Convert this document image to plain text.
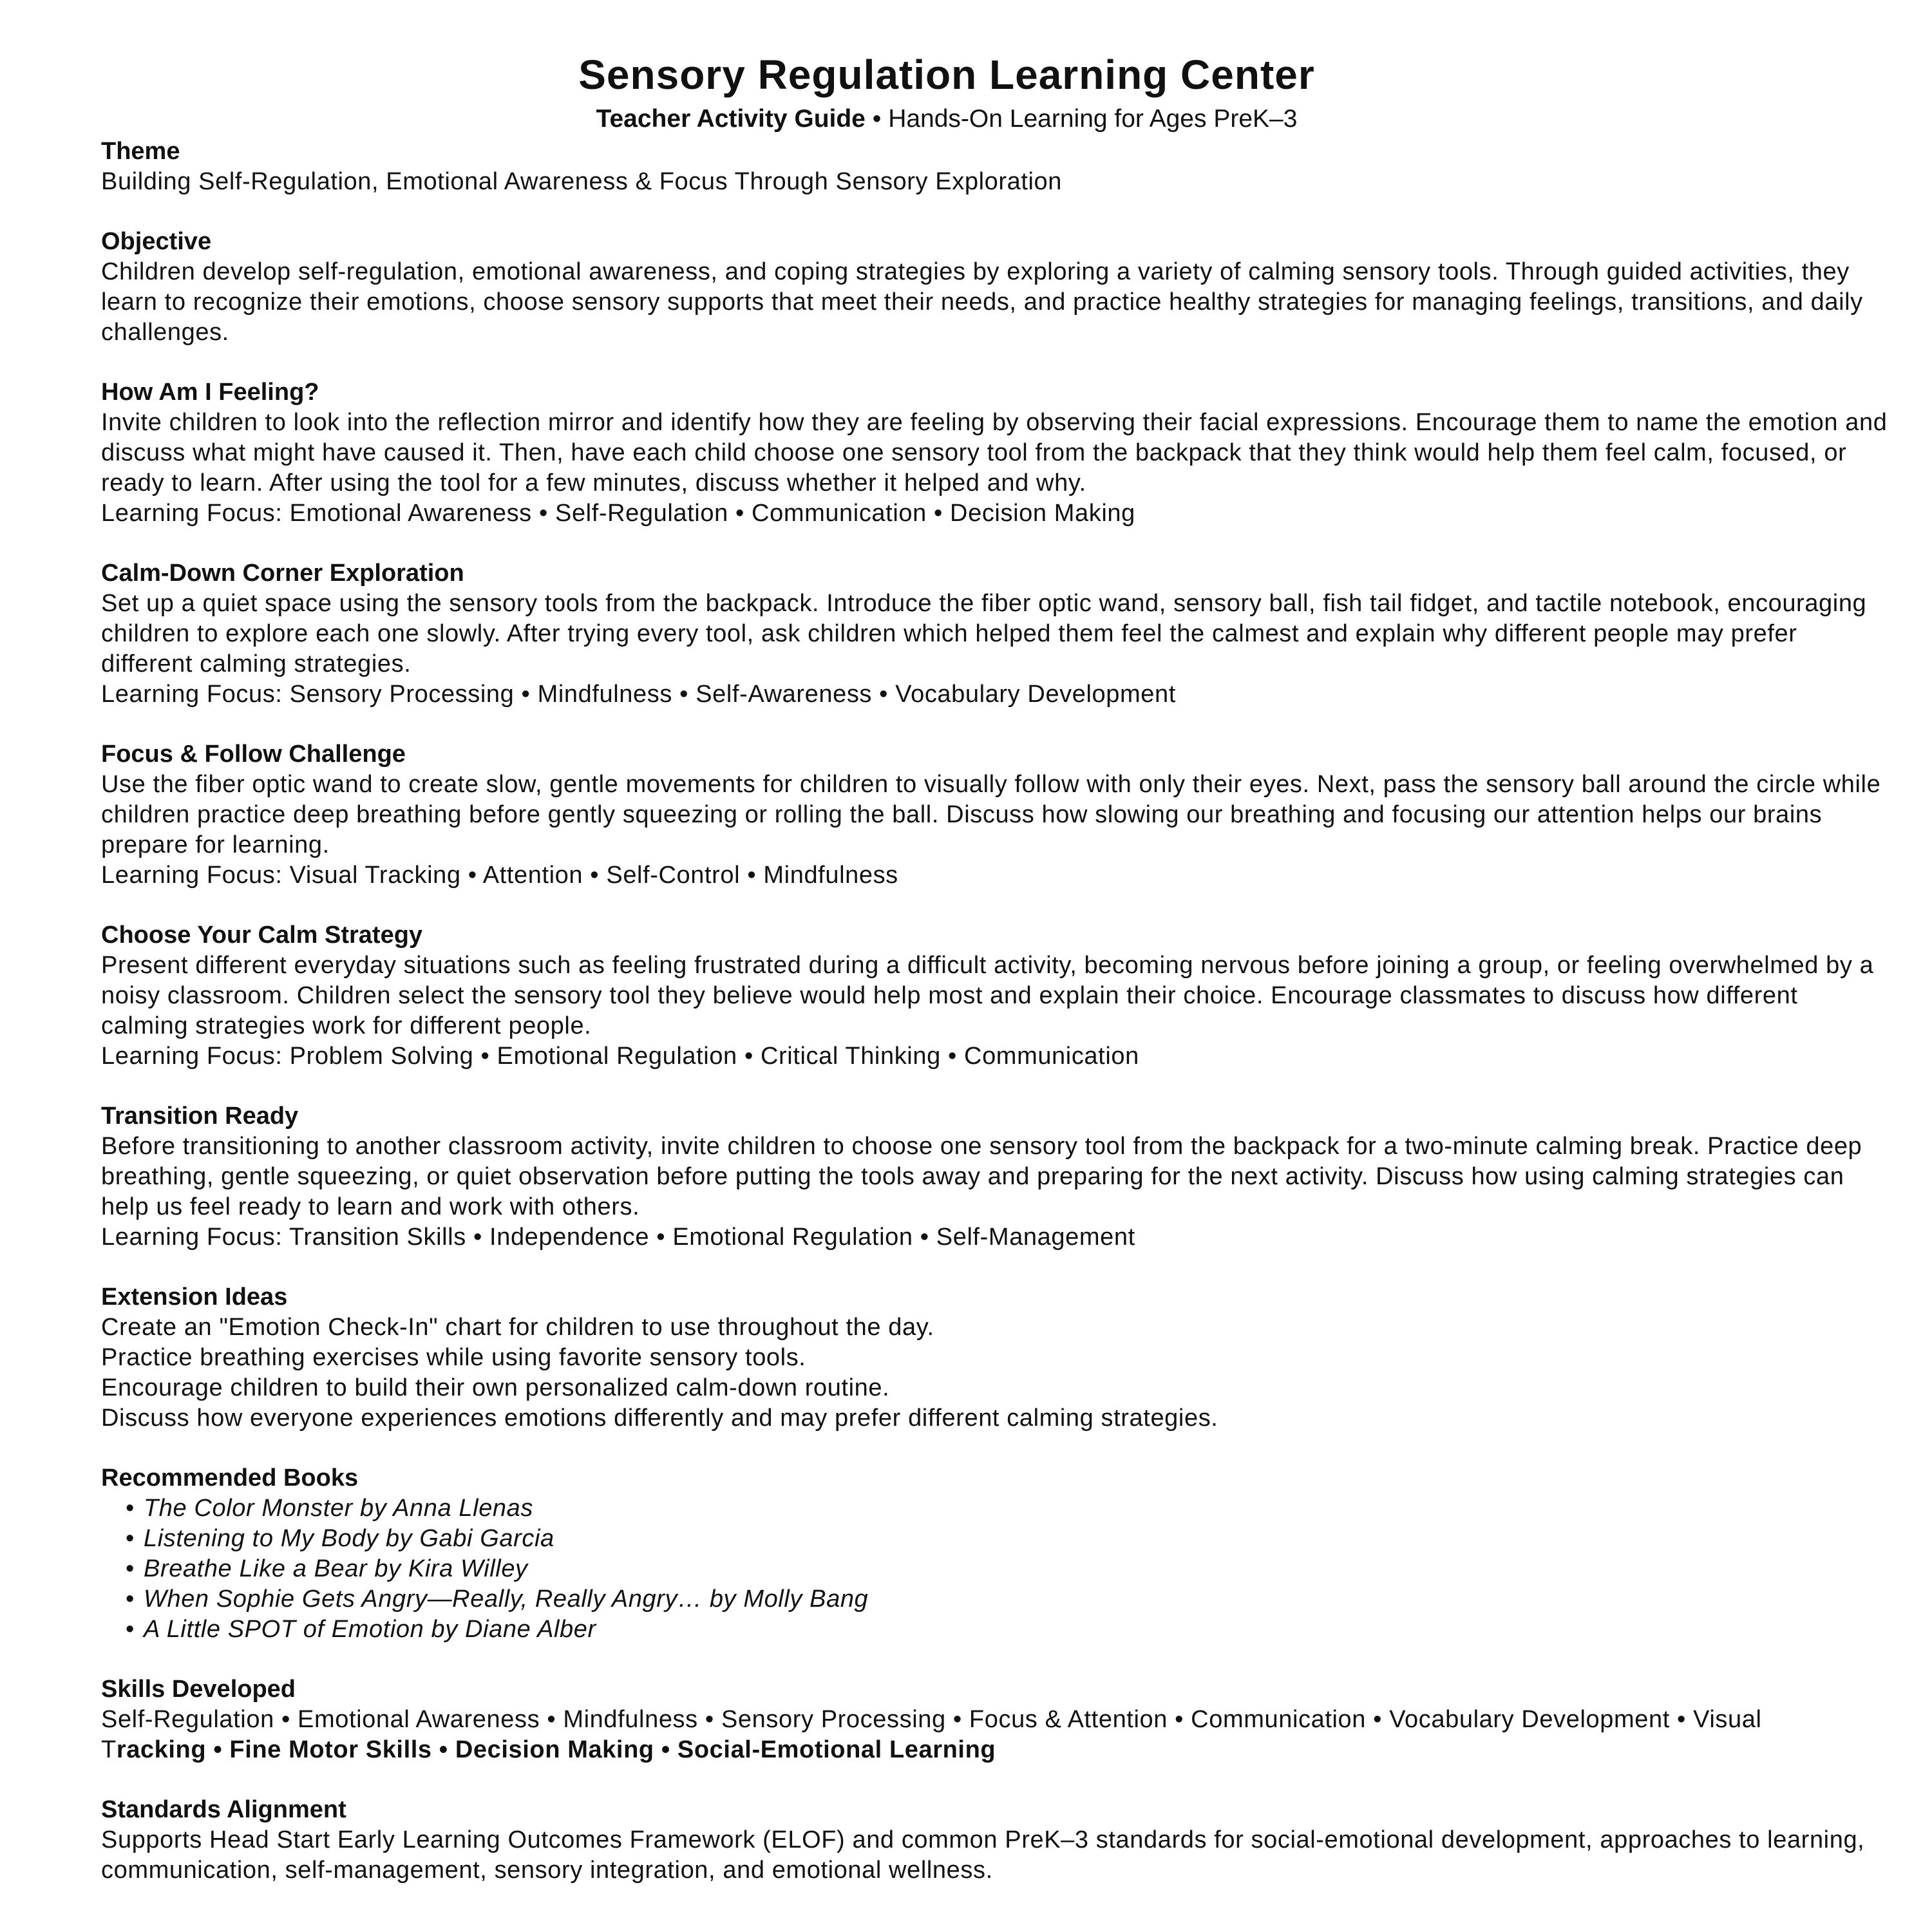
Sensory Regulation Learning Center
Teacher Activity Guide • Hands-On Learning for Ages PreK–3
Theme
Building Self-Regulation, Emotional Awareness & Focus Through Sensory Exploration
Objective
Children develop self-regulation, emotional awareness, and coping strategies by exploring a variety of calming sensory tools. Through guided activities, they learn to recognize their emotions, choose sensory supports that meet their needs, and practice healthy strategies for managing feelings, transitions, and daily challenges.
How Am I Feeling?
Invite children to look into the reflection mirror and identify how they are feeling by observing their facial expressions. Encourage them to name the emotion and discuss what might have caused it. Then, have each child choose one sensory tool from the backpack that they think would help them feel calm, focused, or ready to learn. After using the tool for a few minutes, discuss whether it helped and why.
Learning Focus: Emotional Awareness • Self-Regulation • Communication • Decision Making
Calm-Down Corner Exploration
Set up a quiet space using the sensory tools from the backpack. Introduce the fiber optic wand, sensory ball, fish tail fidget, and tactile notebook, encouraging children to explore each one slowly. After trying every tool, ask children which helped them feel the calmest and explain why different people may prefer different calming strategies.
Learning Focus: Sensory Processing • Mindfulness • Self-Awareness • Vocabulary Development
Focus & Follow Challenge
Use the fiber optic wand to create slow, gentle movements for children to visually follow with only their eyes. Next, pass the sensory ball around the circle while children practice deep breathing before gently squeezing or rolling the ball. Discuss how slowing our breathing and focusing our attention helps our brains prepare for learning.
Learning Focus: Visual Tracking • Attention • Self-Control • Mindfulness
Choose Your Calm Strategy
Present different everyday situations such as feeling frustrated during a difficult activity, becoming nervous before joining a group, or feeling overwhelmed by a noisy classroom. Children select the sensory tool they believe would help most and explain their choice. Encourage classmates to discuss how different calming strategies work for different people.
Learning Focus: Problem Solving • Emotional Regulation • Critical Thinking • Communication
Transition Ready
Before transitioning to another classroom activity, invite children to choose one sensory tool from the backpack for a two-minute calming break. Practice deep breathing, gentle squeezing, or quiet observation before putting the tools away and preparing for the next activity. Discuss how using calming strategies can help us feel ready to learn and work with others.
Learning Focus: Transition Skills • Independence • Emotional Regulation • Self-Management
Extension Ideas
Create an "Emotion Check-In" chart for children to use throughout the day.
Practice breathing exercises while using favorite sensory tools.
Encourage children to build their own personalized calm-down routine.
Discuss how everyone experiences emotions differently and may prefer different calming strategies.
Recommended Books
• The Color Monster by Anna Llenas
• Listening to My Body by Gabi Garcia
• Breathe Like a Bear by Kira Willey
• When Sophie Gets Angry—Really, Really Angry… by Molly Bang
• A Little SPOT of Emotion by Diane Alber
Skills Developed
Self-Regulation • Emotional Awareness • Mindfulness • Sensory Processing • Focus & Attention • Communication • Vocabulary Development • Visual
Tracking • Fine Motor Skills • Decision Making • Social-Emotional Learning
Standards Alignment
Supports Head Start Early Learning Outcomes Framework (ELOF) and common PreK–3 standards for social-emotional development, approaches to learning, communication, self-management, sensory integration, and emotional wellness.
